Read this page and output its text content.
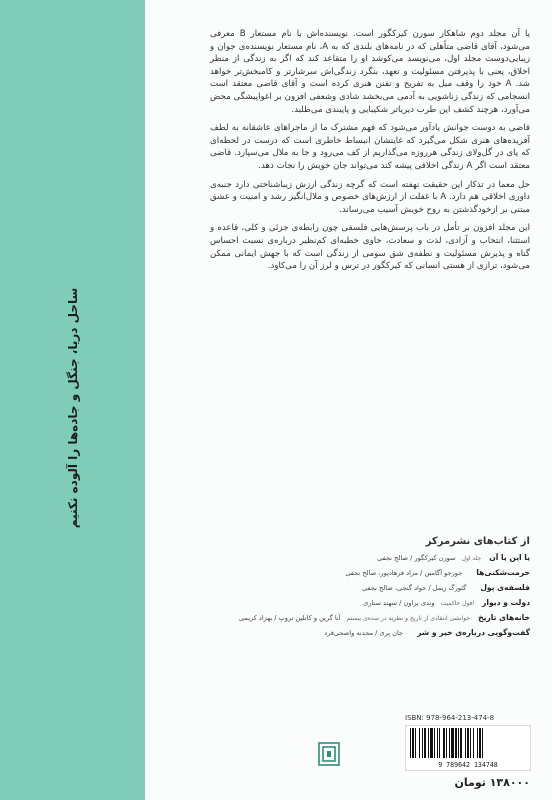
ساحل دریا، جنگل و جاده‌ها را آلوده نکنیم

یا آن مجلد دوم شاهکار سورن کیرکگور است. نویسنده‌اش با نام مستعار B معرفی می‌شود، آقای قاضی متأهلی که در نامه‌های بلندی که به A، نام مستعار نویسنده‌ی جوان و زیبایی‌دوست مجلد اول، می‌نویسد می‌کوشد او را متقاعد کند که اگر به زندگی از منظر اخلاق، یعنی با پذیرفتن مسئولیت و تعهد، بنگرد زندگی‌اش سرشارتر و کامبخش‌تر خواهد شد. A خود را وقف میل به تفریح و تفنن هنری کرده است و آقای قاضی معتقد است انسجامی که زندگی زناشویی به آدمی می‌بخشد شادی وشعفی افزون بر اغواپیشگی محض می‌آورد، هرچند کشف این طرب دیریاتر شکیبایی و پایبندی می‌طلبد.

قاضی به دوست جوانش یادآور می‌شود که فهم مشترک ما از ماجراهای عاشقانه به لطف آفریده‌های هنری شکل می‌گیرد که غایتشان انبساط خاطری است که درست در لحظه‌ای که پای در گل‌ولای زندگی هرروزه می‌گذاریم از کف می‌رود و جا به ملال می‌سپارد. قاضی معتقد است اگر A زندگی اخلاقی پیشه کند می‌تواند جان خویش را نجات دهد.

حل معما در تذکار این حقیقت نهفته است که گرچه زندگی ارزش زیباشناختی دارد جنبه‌ی داوری اخلاقی هم دارد. A با غفلت از ارزش‌های خصوص و ملال‌انگیز رشد و امنیت و عشق مبتنی بر ازخودگذشتن به روح خویش آسیب می‌رساند.

این مجلد افزون بر تأمل در باب پرسش‌هایی فلسفی چون رابطه‌ی جزئی و کلی، قاعده و استثنا، انتخاب و آزادی، لذت و سعادت، حاوی خطبه‌ای کم‌نظیر درباره‌ی نسبت احساس گناه و پذیرش مسئولیت و نطفه‌ی شق سومی از زندگی است که با جهش ایمانی ممکن می‌شود، ترازی از هستی انسانی که کیرکگور در ترس و لرز آن را می‌کاود.

از کتاب‌های نشرمرکز
یا این یا آن
جلد اول
سورن کیرکگور / صالح نجفی
حرمت‌شکنی‌ها
جورجو آگامبن / مراد فرهادپور، صالح نجفی
فلسفه‌ی پول
گئورگ زیمل / جواد گنجی، صالح نجفی
دولت و دیوار
افول حاکمیت
وندی براون / سهند ستاری
خانه‌های تاریخ
خوانشی انتقادی از تاریخ و نظریه در سده‌ی بیستم
آنا گرین و کاتلین تروپ / بهزاد کریمی
گفت‌وگویی درباره‌ی خیر و شر
جان پری / مجدنه واصحی‌فرد
ISBN: 978-964-213-474-8
9 789642 134748
۱۳۸۰۰۰ تومان
